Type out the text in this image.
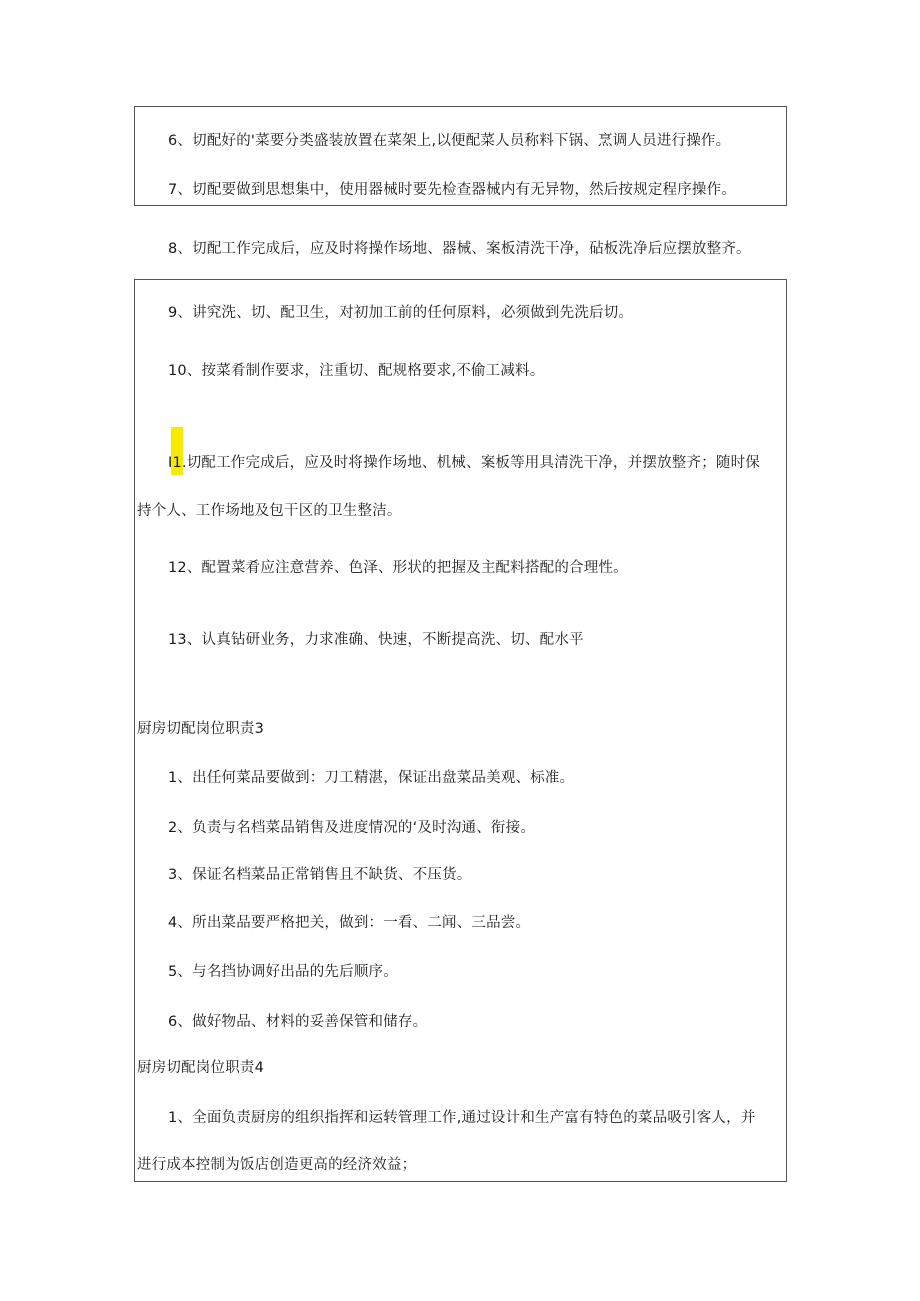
6、切配好的'菜要分类盛装放置在菜架上,以便配菜人员称料下锅、烹调人员进行操作。

7、切配要做到思想集中，使用器械时要先检查器械内有无异物，然后按规定程序操作。

8、切配工作完成后，应及时将操作场地、器械、案板清洗干净，砧板洗净后应摆放整齐。

9、讲究洗、切、配卫生，对初加工前的任何原料，必须做到先洗后切。

10、按菜肴制作要求，注重切、配规格要求,不偷工减料。

I1.切配工作完成后，应及时将操作场地、机械、案板等用具清洗干净，并摆放整齐；随时保

持个人、工作场地及包干区的卫生整洁。

12、配置菜肴应注意营养、色泽、形状的把握及主配料搭配的合理性。

13、认真钻研业务，力求准确、快速，不断提高洗、切、配水平

厨房切配岗位职责3

1、出任何菜品要做到：刀工精湛，保证出盘菜品美观、标准。

2、负责与名档菜品销售及进度情况的‘及时沟通、衔接。

3、保证名档菜品正常销售且不缺货、不压货。

4、所出菜品要严格把关，做到：一看、二闻、三品尝。

5、与名挡协调好出品的先后顺序。

6、做好物品、材料的妥善保管和储存。

厨房切配岗位职责4

1、全面负责厨房的组织指挥和运转管理工作,通过设计和生产富有特色的菜品吸引客人，并

进行成本控制为饭店创造更高的经济效益；
